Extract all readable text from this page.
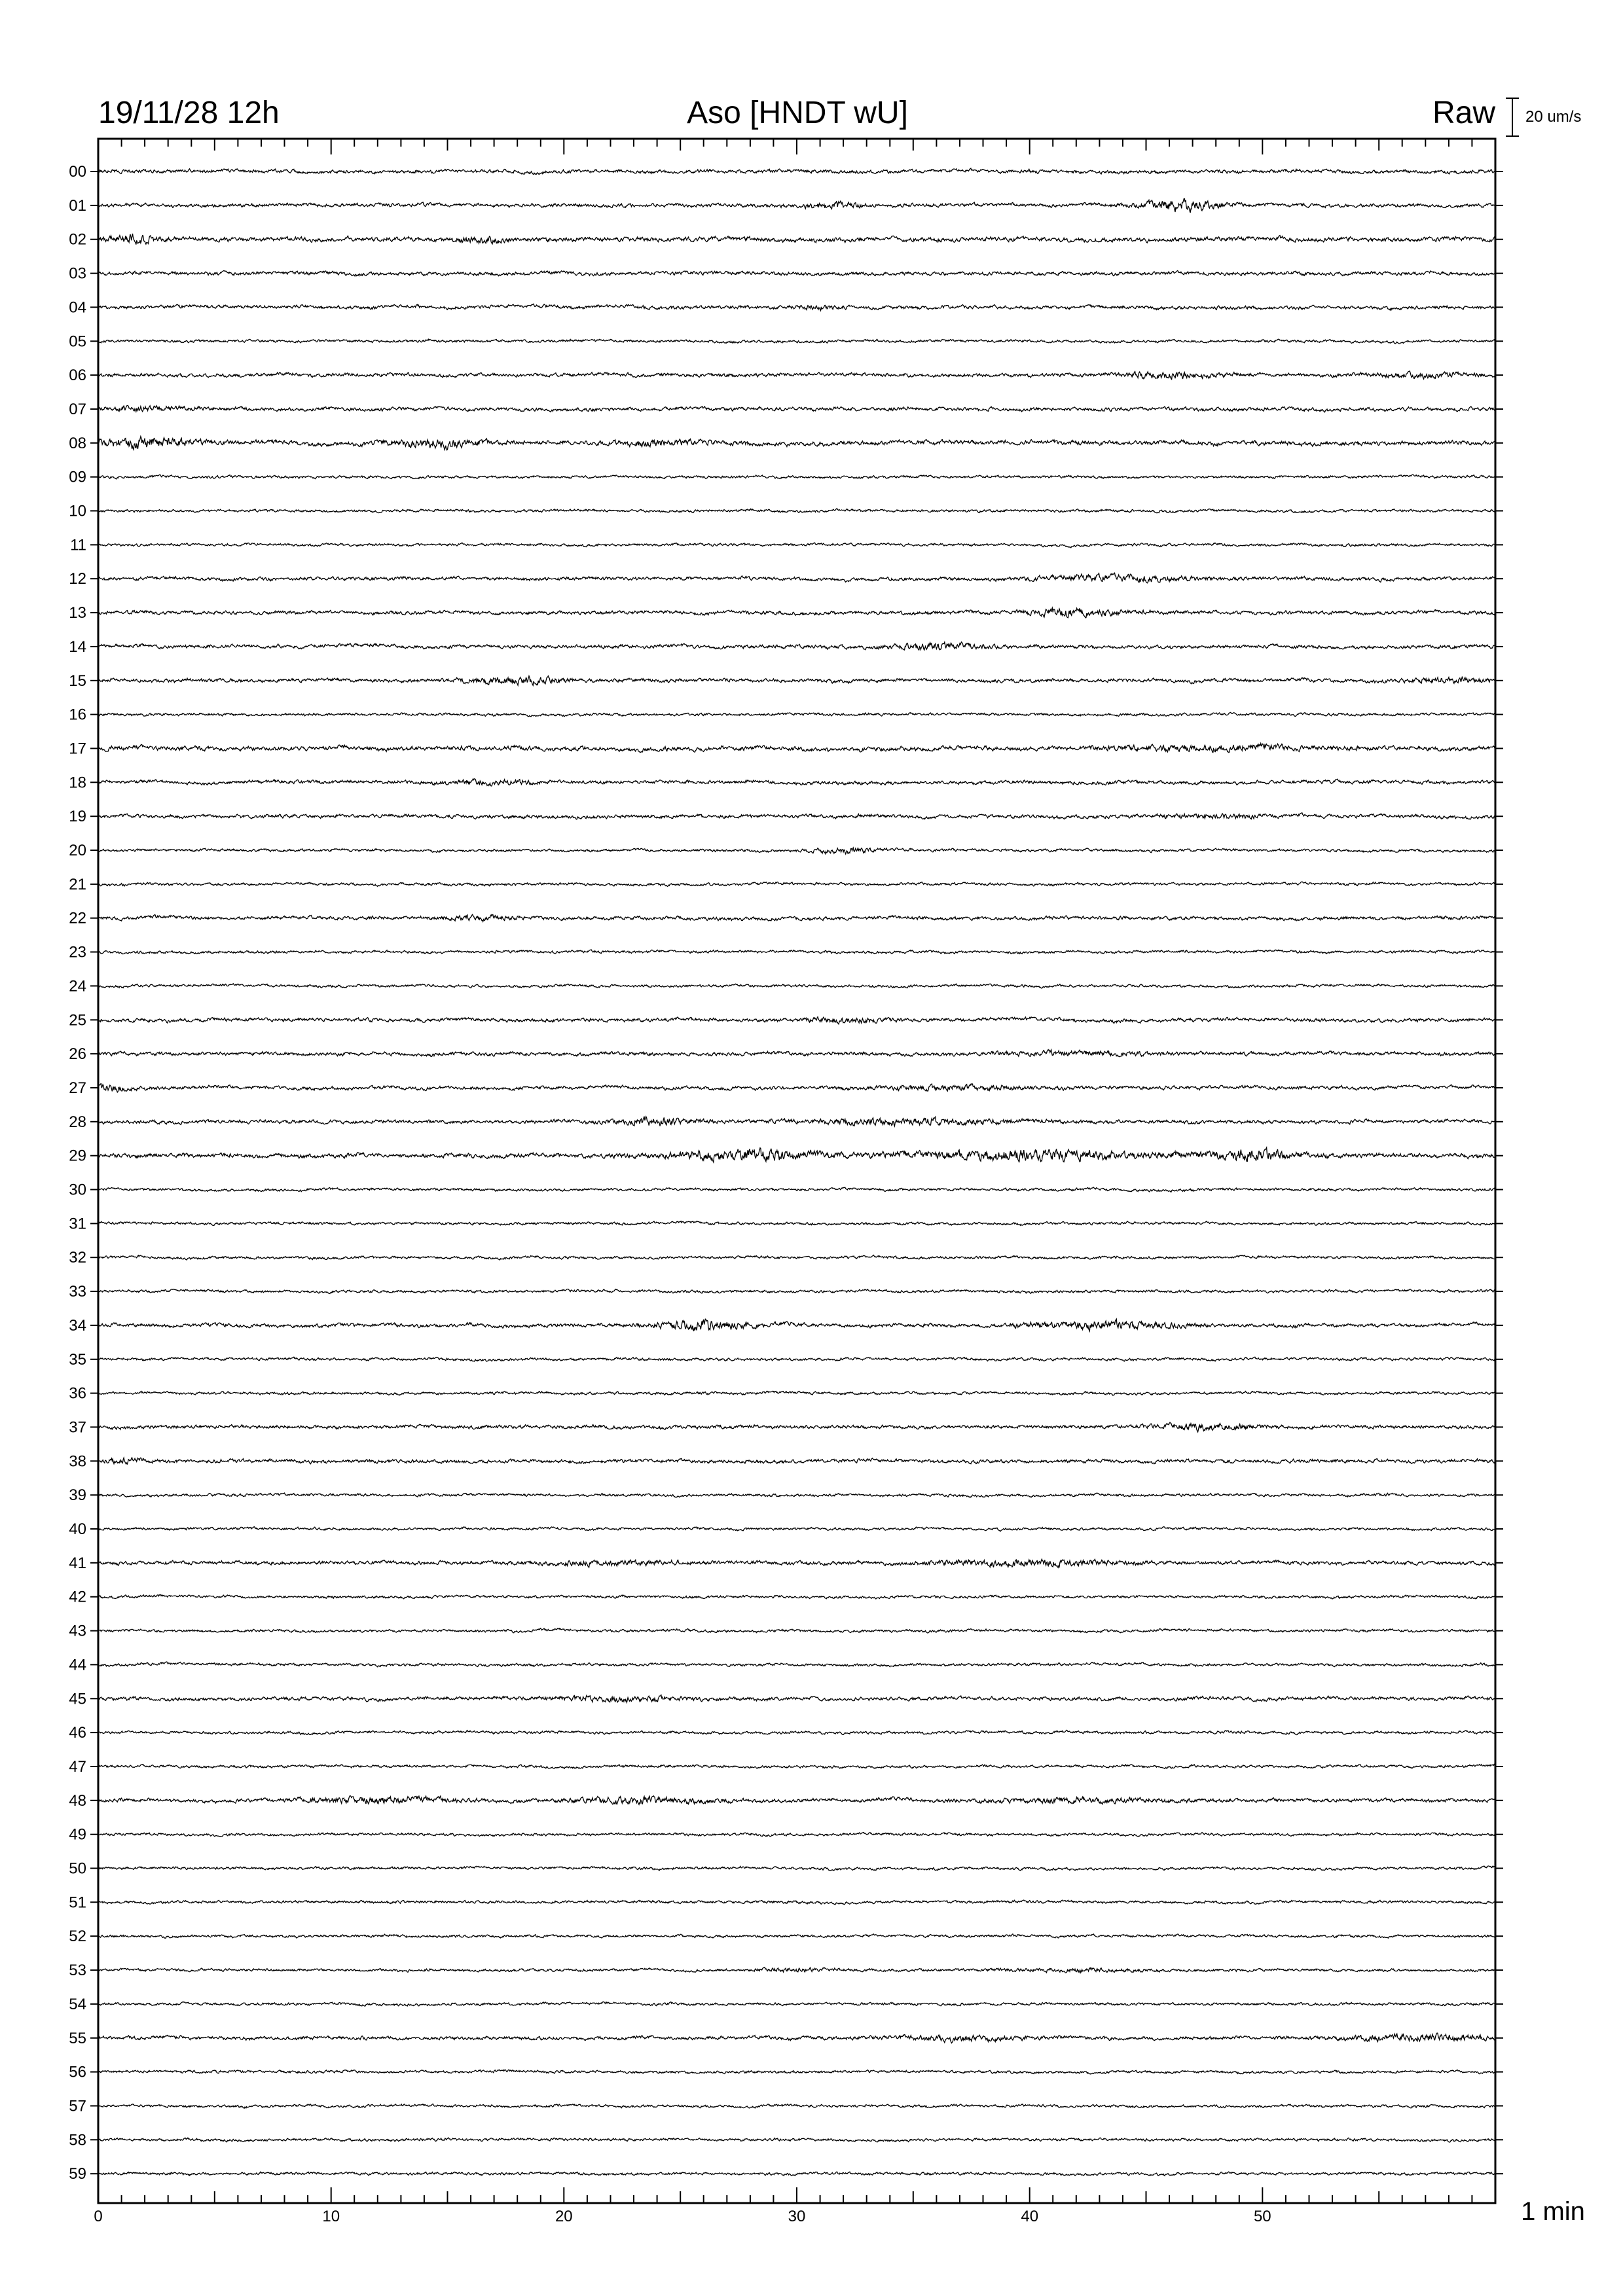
19/11/28 12h	Aso [HNDT wU]	Raw 20 um/s
00
01
02
03
04
05
06
07
08
09
10
11
12
13
14
15
16
17
18
19
20
21
22
23
24
25
26
27
28
29
30
31
32
33
34
35
36
37
38
39
40
41
42
43
44
45
46
47
48
49
50
51
52
53
54
55
56
57
58
59
0	10	20	30	40	50	1 min
